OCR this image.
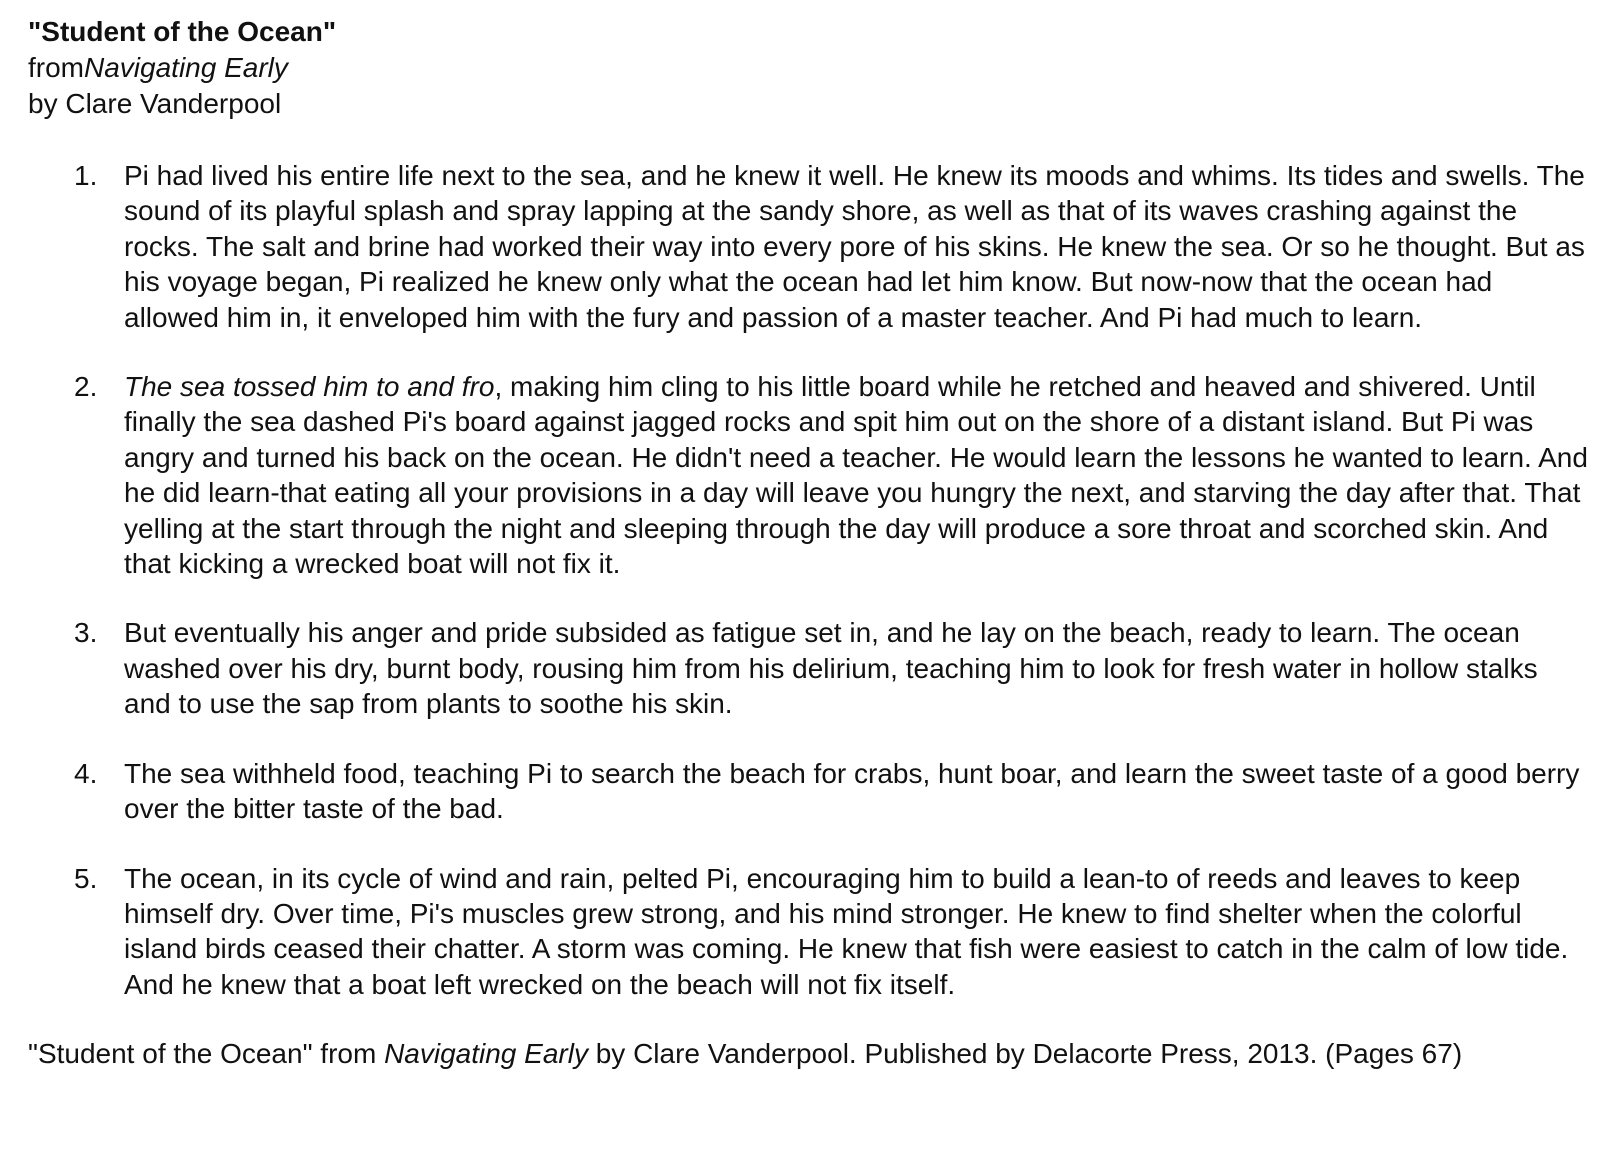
"Student of the Ocean"
fromNavigating Early
by Clare Vanderpool
1. Pi had lived his entire life next to the sea, and he knew it well. He knew its moods and whims. Its tides and swells. The sound of its playful splash and spray lapping at the sandy shore, as well as that of its waves crashing against the rocks. The salt and brine had worked their way into every pore of his skins. He knew the sea. Or so he thought. But as his voyage began, Pi realized he knew only what the ocean had let him know. But now-now that the ocean had allowed him in, it enveloped him with the fury and passion of a master teacher. And Pi had much to learn.
2. The sea tossed him to and fro, making him cling to his little board while he retched and heaved and shivered. Until finally the sea dashed Pi's board against jagged rocks and spit him out on the shore of a distant island. But Pi was angry and turned his back on the ocean. He didn't need a teacher. He would learn the lessons he wanted to learn. And he did learn-that eating all your provisions in a day will leave you hungry the next, and starving the day after that. That yelling at the start through the night and sleeping through the day will produce a sore throat and scorched skin. And that kicking a wrecked boat will not fix it.
3. But eventually his anger and pride subsided as fatigue set in, and he lay on the beach, ready to learn. The ocean washed over his dry, burnt body, rousing him from his delirium, teaching him to look for fresh water in hollow stalks and to use the sap from plants to soothe his skin.
4. The sea withheld food, teaching Pi to search the beach for crabs, hunt boar, and learn the sweet taste of a good berry over the bitter taste of the bad.
5. The ocean, in its cycle of wind and rain, pelted Pi, encouraging him to build a lean-to of reeds and leaves to keep himself dry. Over time, Pi's muscles grew strong, and his mind stronger. He knew to find shelter when the colorful island birds ceased their chatter. A storm was coming. He knew that fish were easiest to catch in the calm of low tide. And he knew that a boat left wrecked on the beach will not fix itself.
"Student of the Ocean" from Navigating Early by Clare Vanderpool. Published by Delacorte Press, 2013. (Pages 67)
